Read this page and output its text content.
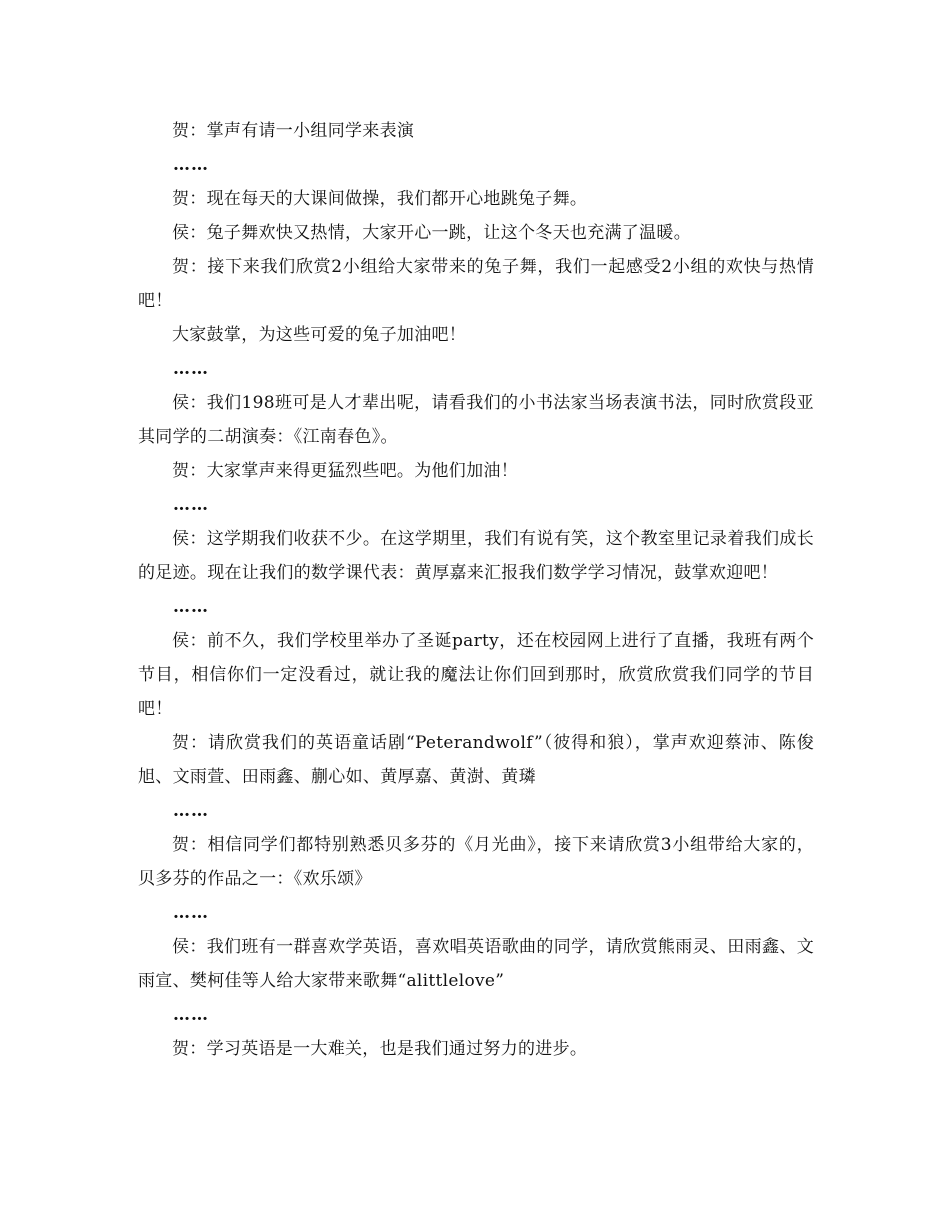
贺：掌声有请一小组同学来表演

……

贺：现在每天的大课间做操，我们都开心地跳兔子舞。

侯：兔子舞欢快又热情，大家开心一跳，让这个冬天也充满了温暖。

贺：接下来我们欣赏2小组给大家带来的兔子舞，我们一起感受2小组的欢快与热情吧！

大家鼓掌，为这些可爱的兔子加油吧！

……

侯：我们198班可是人才辈出呢，请看我们的小书法家当场表演书法，同时欣赏段亚其同学的二胡演奏：《江南春色》。

贺：大家掌声来得更猛烈些吧。为他们加油！

……

侯：这学期我们收获不少。在这学期里，我们有说有笑，这个教室里记录着我们成长的足迹。现在让我们的数学课代表：黄厚嘉来汇报我们数学学习情况，鼓掌欢迎吧！

……

侯：前不久，我们学校里举办了圣诞party，还在校园网上进行了直播，我班有两个节目，相信你们一定没看过，就让我的魔法让你们回到那时，欣赏欣赏我们同学的节目吧！

贺：请欣赏我们的英语童话剧“Peterandwolf”（彼得和狼），掌声欢迎蔡沛、陈俊旭、文雨萱、田雨鑫、蒯心如、黄厚嘉、黄澍、黄璘

……

贺：相信同学们都特别熟悉贝多芬的《月光曲》，接下来请欣赏3小组带给大家的，贝多芬的作品之一：《欢乐颂》

……

侯：我们班有一群喜欢学英语，喜欢唱英语歌曲的同学，请欣赏熊雨灵、田雨鑫、文雨宣、樊柯佳等人给大家带来歌舞“alittlelove”

……

贺：学习英语是一大难关，也是我们通过努力的进步。
